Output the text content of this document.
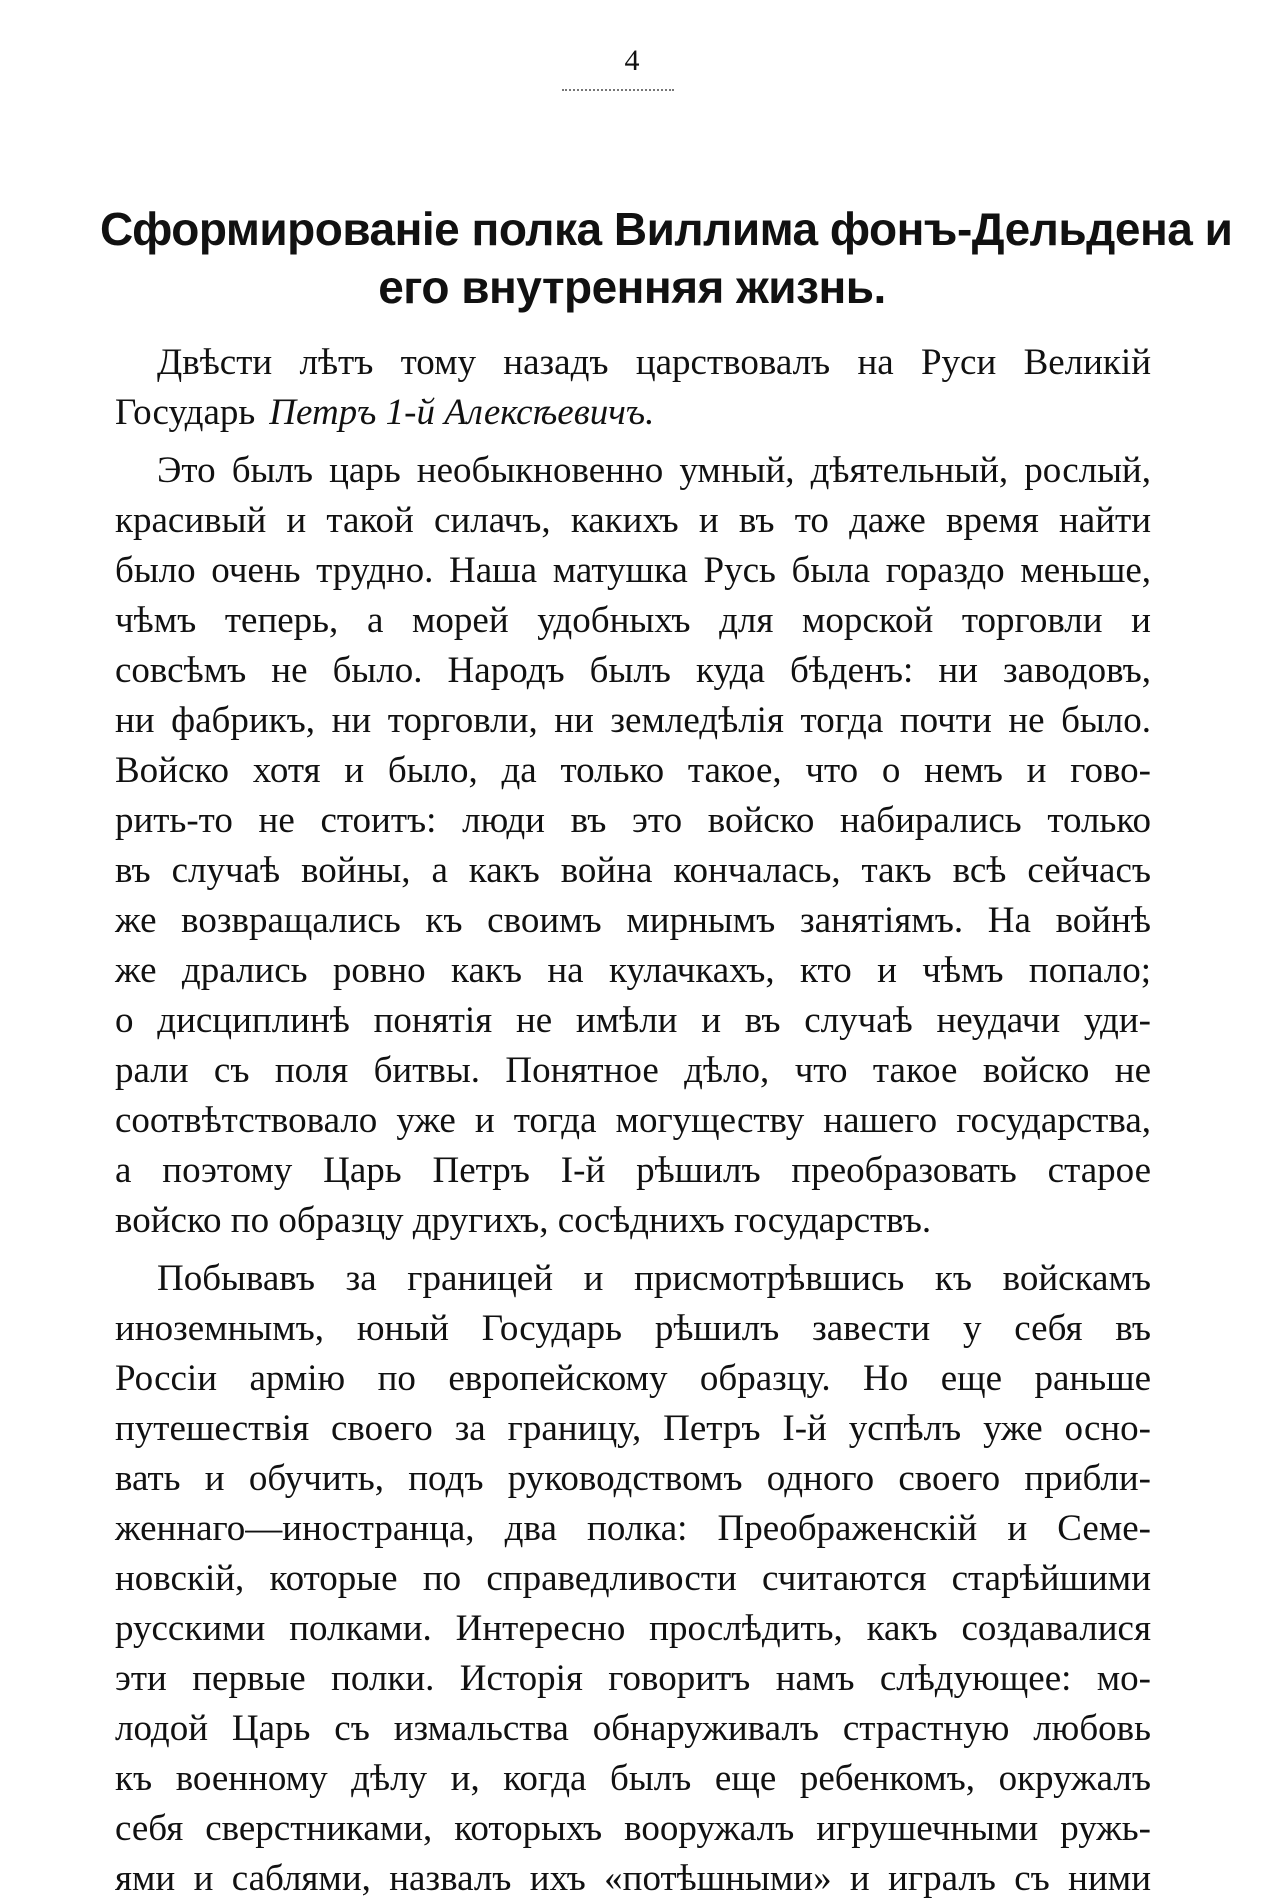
4
Сформированіе полка Виллима фонъ-Дельдена и
его внутренняя жизнь.
Двѣсти лѣтъ тому назадъ царствовалъ на Руси Великій
Государь Петръ 1-й Алексѣевичъ.
Это былъ царь необыкновенно умный, дѣятельный, рослый,
красивый и такой силачъ, какихъ и въ то даже время найти
было очень трудно. Наша матушка Русь была гораздо меньше,
чѣмъ теперь, а морей удобныхъ для морской торговли и
совсѣмъ не было. Народъ былъ куда бѣденъ: ни заводовъ,
ни фабрикъ, ни торговли, ни земледѣлія тогда почти не было.
Войско хотя и было, да только такое, что о немъ и гово-
рить-то не стоитъ: люди въ это войско набирались только
въ случаѣ войны, а какъ война кончалась, такъ всѣ сейчасъ
же возвращались къ своимъ мирнымъ занятіямъ. На войнѣ
же дрались ровно какъ на кулачкахъ, кто и чѣмъ попало;
о дисциплинѣ понятія не имѣли и въ случаѣ неудачи уди-
рали съ поля битвы. Понятное дѣло, что такое войско не
соотвѣтствовало уже и тогда могуществу нашего государства,
а поэтому Царь Петръ I-й рѣшилъ преобразовать старое
войско по образцу другихъ, сосѣднихъ государствъ.
Побывавъ за границей и присмотрѣвшись къ войскамъ
иноземнымъ, юный Государь рѣшилъ завести у себя въ
Россіи армію по европейскому образцу. Но еще раньше
путешествія своего за границу, Петръ I-й успѣлъ уже осно-
вать и обучить, подъ руководствомъ одного своего прибли-
женнаго—иностранца, два полка: Преображенскій и Семе-
новскій, которые по справедливости считаются старѣйшими
русскими полками. Интересно прослѣдить, какъ создавалися
эти первые полки. Исторія говоритъ намъ слѣдующее: мо-
лодой Царь съ измальства обнаруживалъ страстную любовь
къ военному дѣлу и, когда былъ еще ребенкомъ, окружалъ
себя сверстниками, которыхъ вооружалъ игрушечными ружь-
ями и саблями, назвалъ ихъ «потѣшными» и игралъ съ ними
